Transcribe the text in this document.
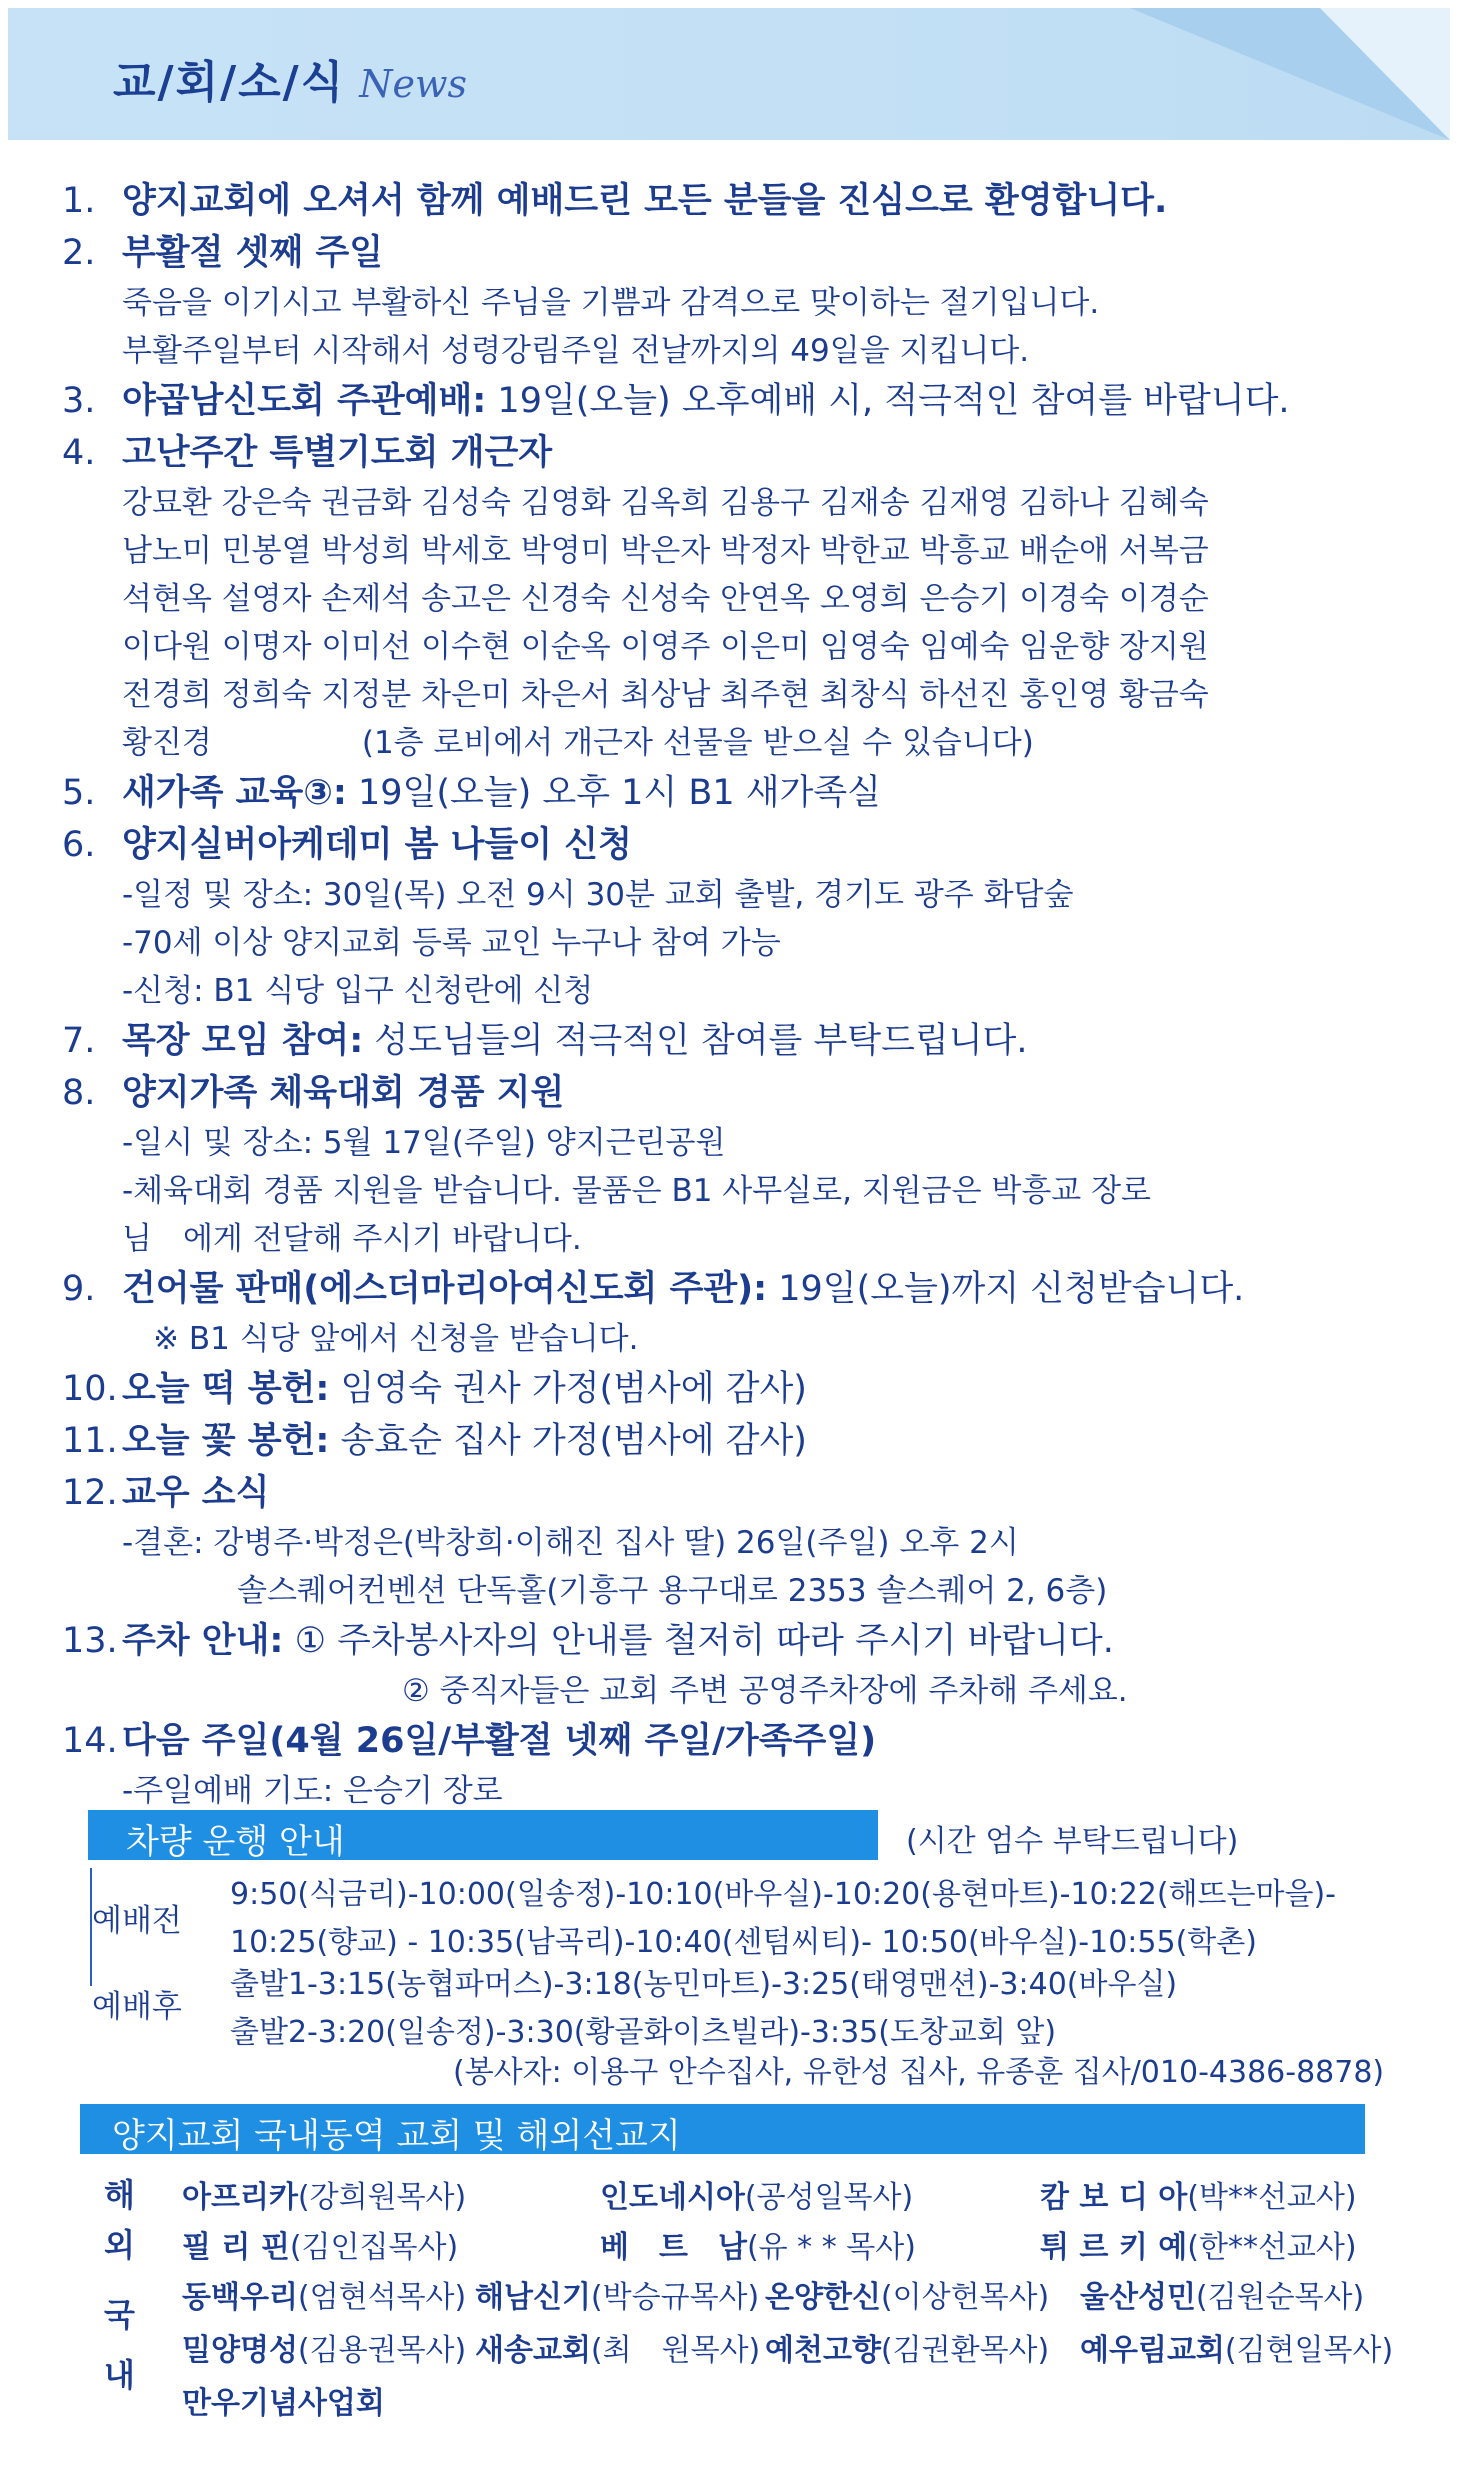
교/회/소/식 News
1. 양지교회에 오셔서 함께 예배드린 모든 분들을 진심으로 환영합니다.
2. 부활절 셋째 주일
죽음을 이기시고 부활하신 주님을 기쁨과 감격으로 맞이하는 절기입니다.
부활주일부터 시작해서 성령강림주일 전날까지의 49일을 지킵니다.
3. 야곱남신도회 주관예배: 19일(오늘) 오후예배 시, 적극적인 참여를 바랍니다.
4. 고난주간 특별기도회 개근자
강묘환 강은숙 권금화 김성숙 김영화 김옥희 김용구 김재송 김재영 김하나 김혜숙
남노미 민봉열 박성희 박세호 박영미 박은자 박정자 박한교 박흥교 배순애 서복금
석현옥 설영자 손제석 송고은 신경숙 신성숙 안연옥 오영희 은승기 이경숙 이경순
이다원 이명자 이미선 이수현 이순옥 이영주 이은미 임영숙 임예숙 임운향 장지원
전경희 정희숙 지정분 차은미 차은서 최상남 최주현 최창식 하선진 홍인영 황금숙
황진경	(1층 로비에서 개근자 선물을 받으실 수 있습니다)
5. 새가족 교육③: 19일(오늘) 오후 1시 B1 새가족실
6. 양지실버아케데미 봄 나들이 신청
-일정 및 장소: 30일(목) 오전 9시 30분 교회 출발, 경기도 광주 화담숲
-70세 이상 양지교회 등록 교인 누구나 참여 가능
-신청: B1 식당 입구 신청란에 신청
7. 목장 모임 참여: 성도님들의 적극적인 참여를 부탁드립니다.
8. 양지가족 체육대회 경품 지원
-일시 및 장소: 5월 17일(주일) 양지근린공원
-체육대회 경품 지원을 받습니다. 물품은 B1 사무실로, 지원금은 박흥교 장로
님　에게 전달해 주시기 바랍니다.
9. 건어물 판매(에스더마리아여신도회 주관): 19일(오늘)까지 신청받습니다.
　※ B1 식당 앞에서 신청을 받습니다.
10. 오늘 떡 봉헌: 임영숙 권사 가정(범사에 감사)
11. 오늘 꽃 봉헌: 송효순 집사 가정(범사에 감사)
12. 교우 소식
-결혼: 강병주·박정은(박창희·이해진 집사 딸) 26일(주일) 오후 2시
솔스퀘어컨벤션 단독홀(기흥구 용구대로 2353 솔스퀘어 2, 6층)
13. 주차 안내: ① 주차봉사자의 안내를 철저히 따라 주시기 바랍니다.
② 중직자들은 교회 주변 공영주차장에 주차해 주세요.
14. 다음 주일(4월 26일/부활절 넷째 주일/가족주일)
-주일예배 기도: 은승기 장로
차량 운행 안내	(시간 엄수 부탁드립니다)
예배전
9:50(식금리)-10:00(일송정)-10:10(바우실)-10:20(용현마트)-10:22(해뜨는마을)-
10:25(향교) - 10:35(남곡리)-10:40(센텀씨티)- 10:50(바우실)-10:55(학촌)
예배후
출발1-3:15(농협파머스)-3:18(농민마트)-3:25(태영맨션)-3:40(바우실)
출발2-3:20(일송정)-3:30(황골화이츠빌라)-3:35(도창교회 앞)
(봉사자: 이용구 안수집사, 유한성 집사, 유종훈 집사/010-4386-8878)
양지교회 국내동역 교회 및 해외선교지
해
외
국
내
아프리카(강희원목사)	인도네시아(공성일목사)	캄 보 디 아(박**선교사)
필 리 핀(김인집목사)	베　트　남(유 * * 목사)	튀 르 키 예(한**선교사)
동백우리(엄현석목사) 해남신기(박승규목사) 온양한신(이상헌목사) 울산성민(김원순목사)
밀양명성(김용권목사) 새송교회(최　원목사) 예천고향(김권환목사) 예우림교회(김현일목사)
만우기념사업회
